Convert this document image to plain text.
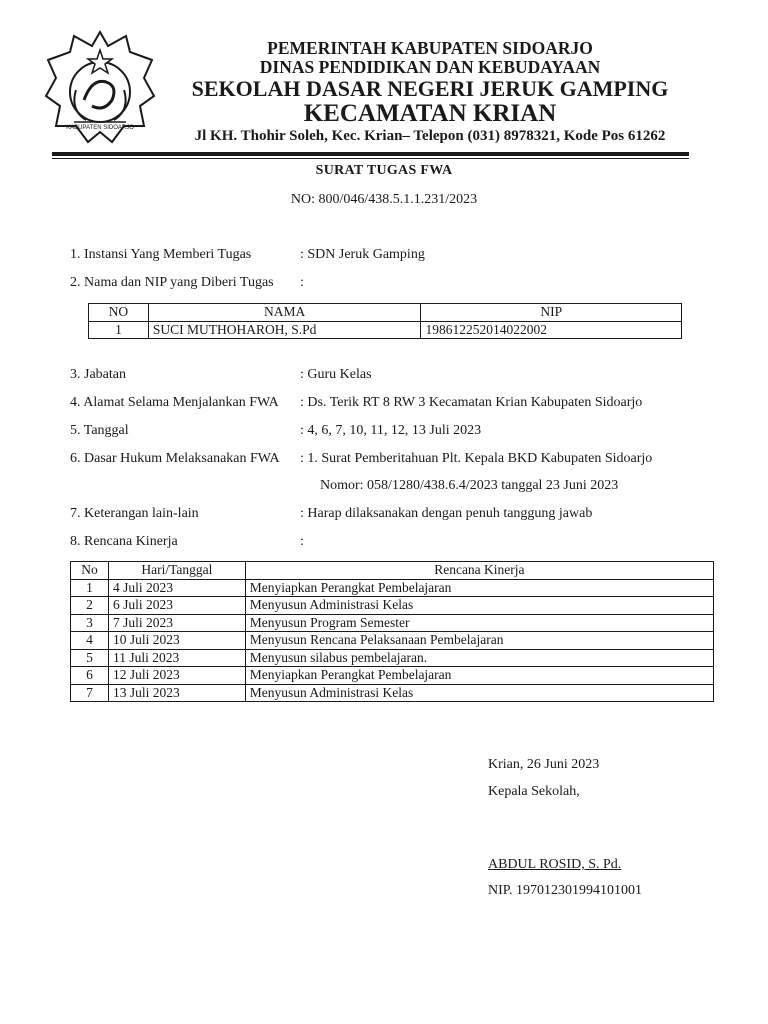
KABUPATEN SIDOARJO
PEMERINTAH KABUPATEN SIDOARJO
DINAS PENDIDIKAN DAN KEBUDAYAAN
SEKOLAH DASAR NEGERI JERUK GAMPING
KECAMATAN KRIAN
Jl KH. Thohir Soleh, Kec. Krian– Telepon (031) 8978321, Kode Pos 61262
SURAT TUGAS FWA
NO: 800/046/438.5.1.1.231/2023
1. Instansi Yang Memberi Tugas	: SDN Jeruk Gamping
2. Nama dan NIP yang Diberi Tugas :
NO	NAMA	NIP
1	SUCI MUTHOHAROH, S.Pd	198612252014022002
3. Jabatan	: Guru Kelas
4. Alamat Selama Menjalankan FWA : Ds. Terik RT 8 RW 3 Kecamatan Krian Kabupaten Sidoarjo
5. Tanggal	: 4, 6, 7, 10, 11, 12, 13 Juli 2023
6. Dasar Hukum Melaksanakan FWA : 1. Surat Pemberitahuan Plt. Kepala BKD Kabupaten Sidoarjo
Nomor: 058/1280/438.6.4/2023 tanggal 23 Juni 2023
7. Keterangan lain-lain	: Harap dilaksanakan dengan penuh tanggung jawab
8. Rencana Kinerja	:
No	Hari/Tanggal	Rencana Kinerja
1	4 Juli 2023	Menyiapkan Perangkat Pembelajaran
2	6 Juli 2023	Menyusun Administrasi Kelas
3	7 Juli 2023	Menyusun Program Semester
4	10 Juli 2023	Menyusun Rencana Pelaksanaan Pembelajaran
5	11 Juli 2023	Menyusun silabus pembelajaran.
6	12 Juli 2023	Menyiapkan Perangkat Pembelajaran
7	13 Juli 2023	Menyusun Administrasi Kelas
Krian, 26 Juni 2023
Kepala Sekolah,
ABDUL ROSID, S. Pd.
NIP. 197012301994101001
